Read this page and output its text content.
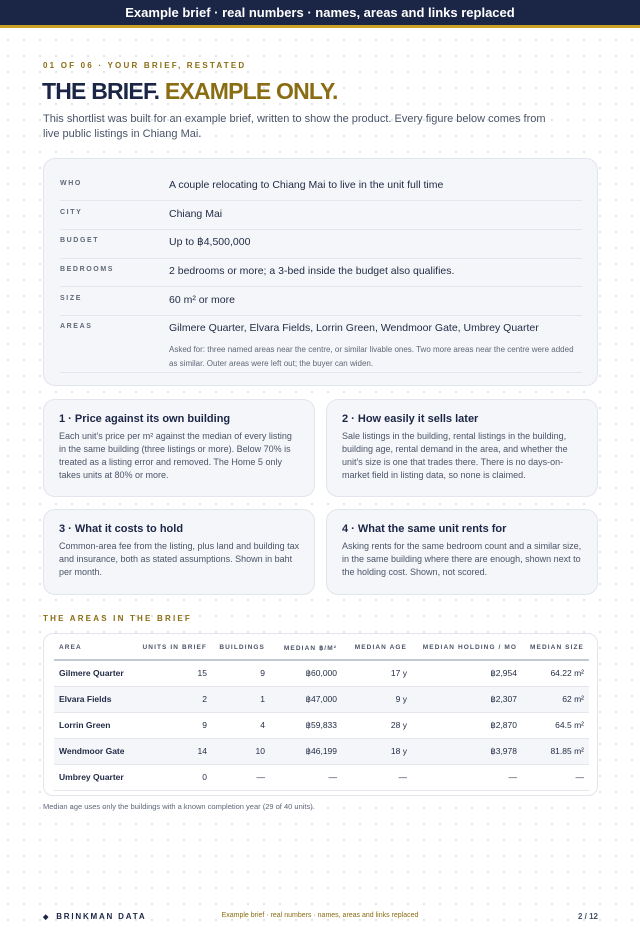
Example brief · real numbers · names, areas and links replaced
01 OF 06 · YOUR BRIEF, RESTATED
THE BRIEF. EXAMPLE ONLY.

This shortlist was built for an example brief, written to show the product. Every figure below comes from live public listings in Chiang Mai.

WHO	A couple relocating to Chiang Mai to live in the unit full time
CITY	Chiang Mai
BUDGET	Up to ฿4,500,000
BEDROOMS	2 bedrooms or more; a 3-bed inside the budget also qualifies.
SIZE	60 m² or more
AREAS	Gilmere Quarter, Elvara Fields, Lorrin Green, Wendmoor Gate, Umbrey Quarter
Asked for: three named areas near the centre, or similar livable ones. Two more areas near the centre were added as similar. Outer areas were left out; the buyer can widen.
1 · Price against its own building
Each unit's price per m² against the median of every listing in the same building (three listings or more). Below 70% is treated as a listing error and removed. The Home 5 only takes units at 80% or more.
2 · How easily it sells later
Sale listings in the building, rental listings in the building, building age, rental demand in the area, and whether the unit's size is one that trades there. There is no days-on-market field in listing data, so none is claimed.
3 · What it costs to hold
Common-area fee from the listing, plus land and building tax and insurance, both as stated assumptions. Shown in baht per month.
4 · What the same unit rents for
Asking rents for the same bedroom count and a similar size, in the same building where there are enough, shown next to the holding cost. Shown, not scored.
THE AREAS IN THE BRIEF
AREA	UNITS IN BRIEF	BUILDINGS	MEDIAN ฿/M²	MEDIAN AGE	MEDIAN HOLDING / MO	MEDIAN SIZE
Gilmere Quarter	15	9	฿60,000	17 y	฿2,954	64.22 m²
Elvara Fields	2	1	฿47,000	9 y	฿2,307	62 m²
Lorrin Green	9	4	฿59,833	28 y	฿2,870	64.5 m²
Wendmoor Gate	14	10	฿46,199	18 y	฿3,978	81.85 m²
Umbrey Quarter	0	—	—	—	—	—

Median age uses only the buildings with a known completion year (29 of 40 units).

◆ BRINKMAN DATA	Example brief · real numbers · names, areas and links replaced	2 / 12
